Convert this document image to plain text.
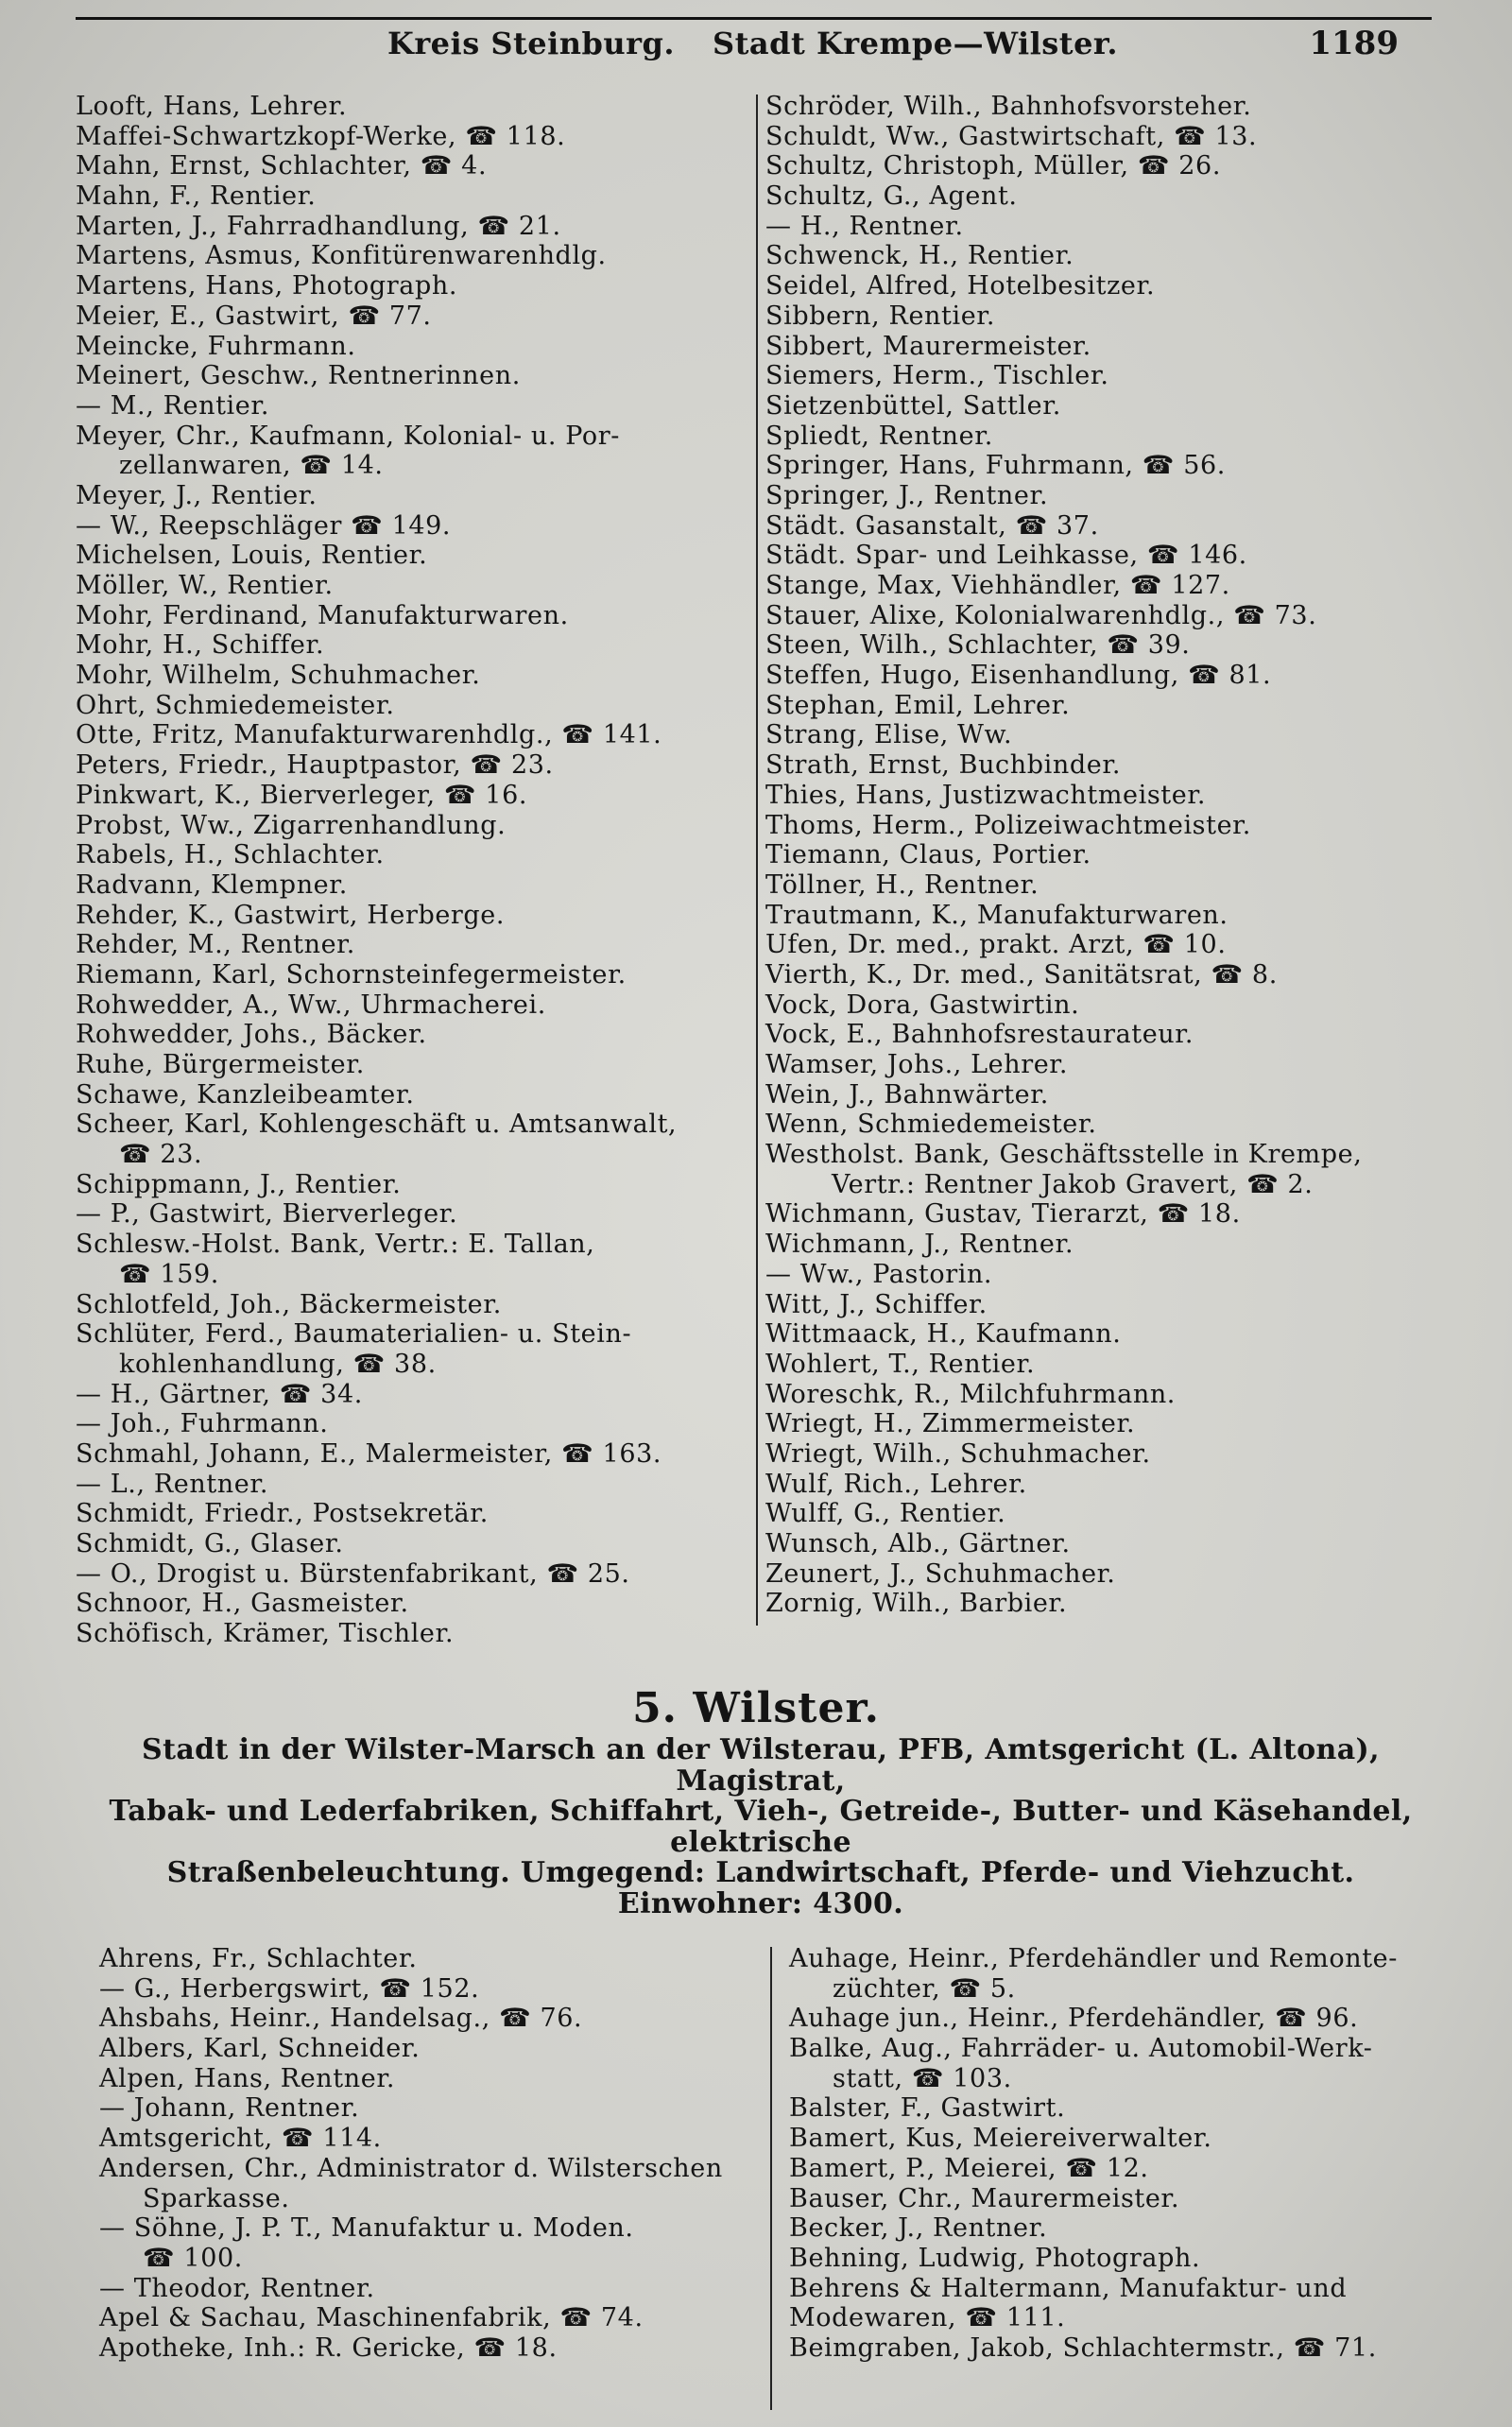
Kreis Steinburg. Stadt Krempe—Wilster.	1189
Looft, Hans, Lehrer.
Maffei-Schwartzkopf-Werke, ☎ 118.
Mahn, Ernst, Schlachter, ☎ 4.
Mahn, F., Rentier.
Marten, J., Fahrradhandlung, ☎ 21.
Martens, Asmus, Konfitürenwarenhdlg.
Martens, Hans, Photograph.
Meier, E., Gastwirt, ☎ 77.
Meincke, Fuhrmann.
Meinert, Geschw., Rentnerinnen.
— M., Rentier.
Meyer, Chr., Kaufmann, Kolonial- u. Por-
zellanwaren, ☎ 14.
Meyer, J., Rentier.
— W., Reepschläger ☎ 149.
Michelsen, Louis, Rentier.
Möller, W., Rentier.
Mohr, Ferdinand, Manufakturwaren.
Mohr, H., Schiffer.
Mohr, Wilhelm, Schuhmacher.
Ohrt, Schmiedemeister.
Otte, Fritz, Manufakturwarenhdlg., ☎ 141.
Peters, Friedr., Hauptpastor, ☎ 23.
Pinkwart, K., Bierverleger, ☎ 16.
Probst, Ww., Zigarrenhandlung.
Rabels, H., Schlachter.
Radvann, Klempner.
Rehder, K., Gastwirt, Herberge.
Rehder, M., Rentner.
Riemann, Karl, Schornsteinfegermeister.
Rohwedder, A., Ww., Uhrmacherei.
Rohwedder, Johs., Bäcker.
Ruhe, Bürgermeister.
Schawe, Kanzleibeamter.
Scheer, Karl, Kohlengeschäft u. Amtsanwalt,
☎ 23.
Schippmann, J., Rentier.
— P., Gastwirt, Bierverleger.
Schlesw.-Holst. Bank, Vertr.: E. Tallan,
☎ 159.
Schlotfeld, Joh., Bäckermeister.
Schlüter, Ferd., Baumaterialien- u. Stein-
kohlenhandlung, ☎ 38.
— H., Gärtner, ☎ 34.
— Joh., Fuhrmann.
Schmahl, Johann, E., Malermeister, ☎ 163.
— L., Rentner.
Schmidt, Friedr., Postsekretär.
Schmidt, G., Glaser.
— O., Drogist u. Bürstenfabrikant, ☎ 25.
Schnoor, H., Gasmeister.
Schöfisch, Krämer, Tischler.
Schröder, Wilh., Bahnhofsvorsteher.
Schuldt, Ww., Gastwirtschaft, ☎ 13.
Schultz, Christoph, Müller, ☎ 26.
Schultz, G., Agent.
— H., Rentner.
Schwenck, H., Rentier.
Seidel, Alfred, Hotelbesitzer.
Sibbern, Rentier.
Sibbert, Maurermeister.
Siemers, Herm., Tischler.
Sietzenbüttel, Sattler.
Spliedt, Rentner.
Springer, Hans, Fuhrmann, ☎ 56.
Springer, J., Rentner.
Städt. Gasanstalt, ☎ 37.
Städt. Spar- und Leihkasse, ☎ 146.
Stange, Max, Viehhändler, ☎ 127.
Stauer, Alixe, Kolonialwarenhdlg., ☎ 73.
Steen, Wilh., Schlachter, ☎ 39.
Steffen, Hugo, Eisenhandlung, ☎ 81.
Stephan, Emil, Lehrer.
Strang, Elise, Ww.
Strath, Ernst, Buchbinder.
Thies, Hans, Justizwachtmeister.
Thoms, Herm., Polizeiwachtmeister.
Tiemann, Claus, Portier.
Töllner, H., Rentner.
Trautmann, K., Manufakturwaren.
Ufen, Dr. med., prakt. Arzt, ☎ 10.
Vierth, K., Dr. med., Sanitätsrat, ☎ 8.
Vock, Dora, Gastwirtin.
Vock, E., Bahnhofsrestaurateur.
Wamser, Johs., Lehrer.
Wein, J., Bahnwärter.
Wenn, Schmiedemeister.
Westholst. Bank, Geschäftsstelle in Krempe,
Vertr.: Rentner Jakob Gravert, ☎ 2.
Wichmann, Gustav, Tierarzt, ☎ 18.
Wichmann, J., Rentner.
— Ww., Pastorin.
Witt, J., Schiffer.
Wittmaack, H., Kaufmann.
Wohlert, T., Rentier.
Woreschk, R., Milchfuhrmann.
Wriegt, H., Zimmermeister.
Wriegt, Wilh., Schuhmacher.
Wulf, Rich., Lehrer.
Wulff, G., Rentier.
Wunsch, Alb., Gärtner.
Zeunert, J., Schuhmacher.
Zornig, Wilh., Barbier.
5. Wilster.

Stadt in der Wilster-Marsch an der Wilsterau, PFB, Amtsgericht (L. Altona), Magistrat,

Tabak- und Lederfabriken, Schiffahrt, Vieh-, Getreide-, Butter- und Käsehandel, elektrische

Straßenbeleuchtung. Umgegend: Landwirtschaft, Pferde- und Viehzucht.

Einwohner: 4300.

Ahrens, Fr., Schlachter.
— G., Herbergswirt, ☎ 152.
Ahsbahs, Heinr., Handelsag., ☎ 76.
Albers, Karl, Schneider.
Alpen, Hans, Rentner.
— Johann, Rentner.
Amtsgericht, ☎ 114.
Andersen, Chr., Administrator d. Wilsterschen
Sparkasse.
— Söhne, J. P. T., Manufaktur u. Moden.
☎ 100.
— Theodor, Rentner.
Apel & Sachau, Maschinenfabrik, ☎ 74.
Apotheke, Inh.: R. Gericke, ☎ 18.
Auhage, Heinr., Pferdehändler und Remonte-
züchter, ☎ 5.
Auhage jun., Heinr., Pferdehändler, ☎ 96.
Balke, Aug., Fahrräder- u. Automobil-Werk-
statt, ☎ 103.
Balster, F., Gastwirt.
Bamert, Kus, Meiereiverwalter.
Bamert, P., Meierei, ☎ 12.
Bauser, Chr., Maurermeister.
Becker, J., Rentner.
Behning, Ludwig, Photograph.
Behrens & Haltermann, Manufaktur- und
Modewaren, ☎ 111.
Beimgraben, Jakob, Schlachtermstr., ☎ 71.
